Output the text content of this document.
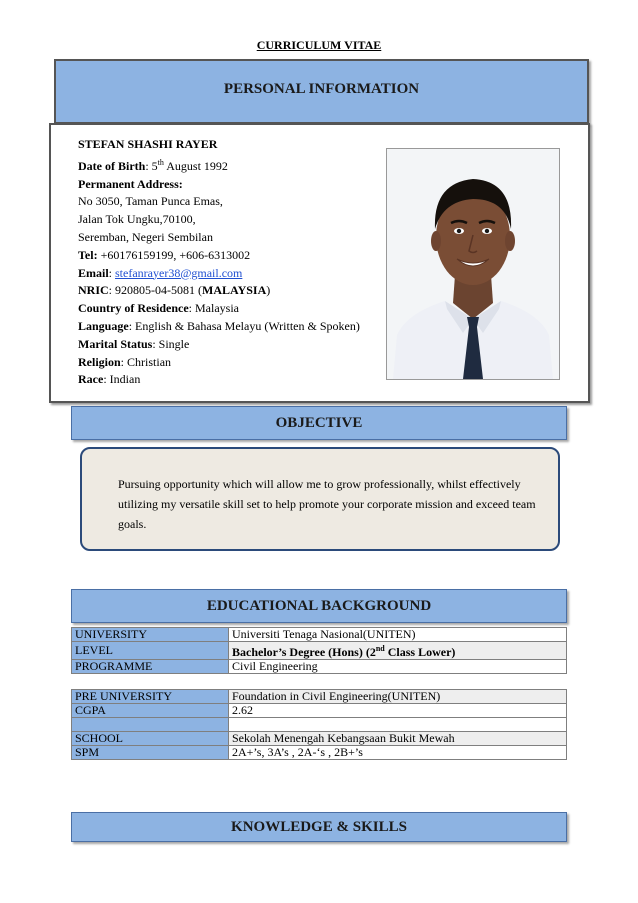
CURRICULUM VITAE
PERSONAL INFORMATION
STEFAN SHASHI RAYER
Date of Birth: 5th August 1992
Permanent Address:
No 3050, Taman Punca Emas,
Jalan Tok Ungku,70100,
Seremban, Negeri Sembilan
Tel: +60176159199, +606-6313002
Email: stefanrayer38@gmail.com
NRIC: 920805-04-5081 (MALAYSIA)
Country of Residence: Malaysia
Language: English & Bahasa Melayu (Written & Spoken)
Marital Status: Single
Religion: Christian
Race: Indian
OBJECTIVE
Pursuing opportunity which will allow me to grow professionally, whilst effectively utilizing my versatile skill set to help promote your corporate mission and exceed team goals.
EDUCATIONAL BACKGROUND
UNIVERSITY	Universiti Tenaga Nasional(UNITEN)
LEVEL	Bachelor’s Degree (Hons) (2nd Class Lower)
PROGRAMME	Civil Engineering
PRE UNIVERSITY	Foundation in Civil Engineering(UNITEN)
CGPA	2.62

SCHOOL	Sekolah Menengah Kebangsaan Bukit Mewah
SPM	2A+’s, 3A’s , 2A-‘s , 2B+’s
KNOWLEDGE & SKILLS
